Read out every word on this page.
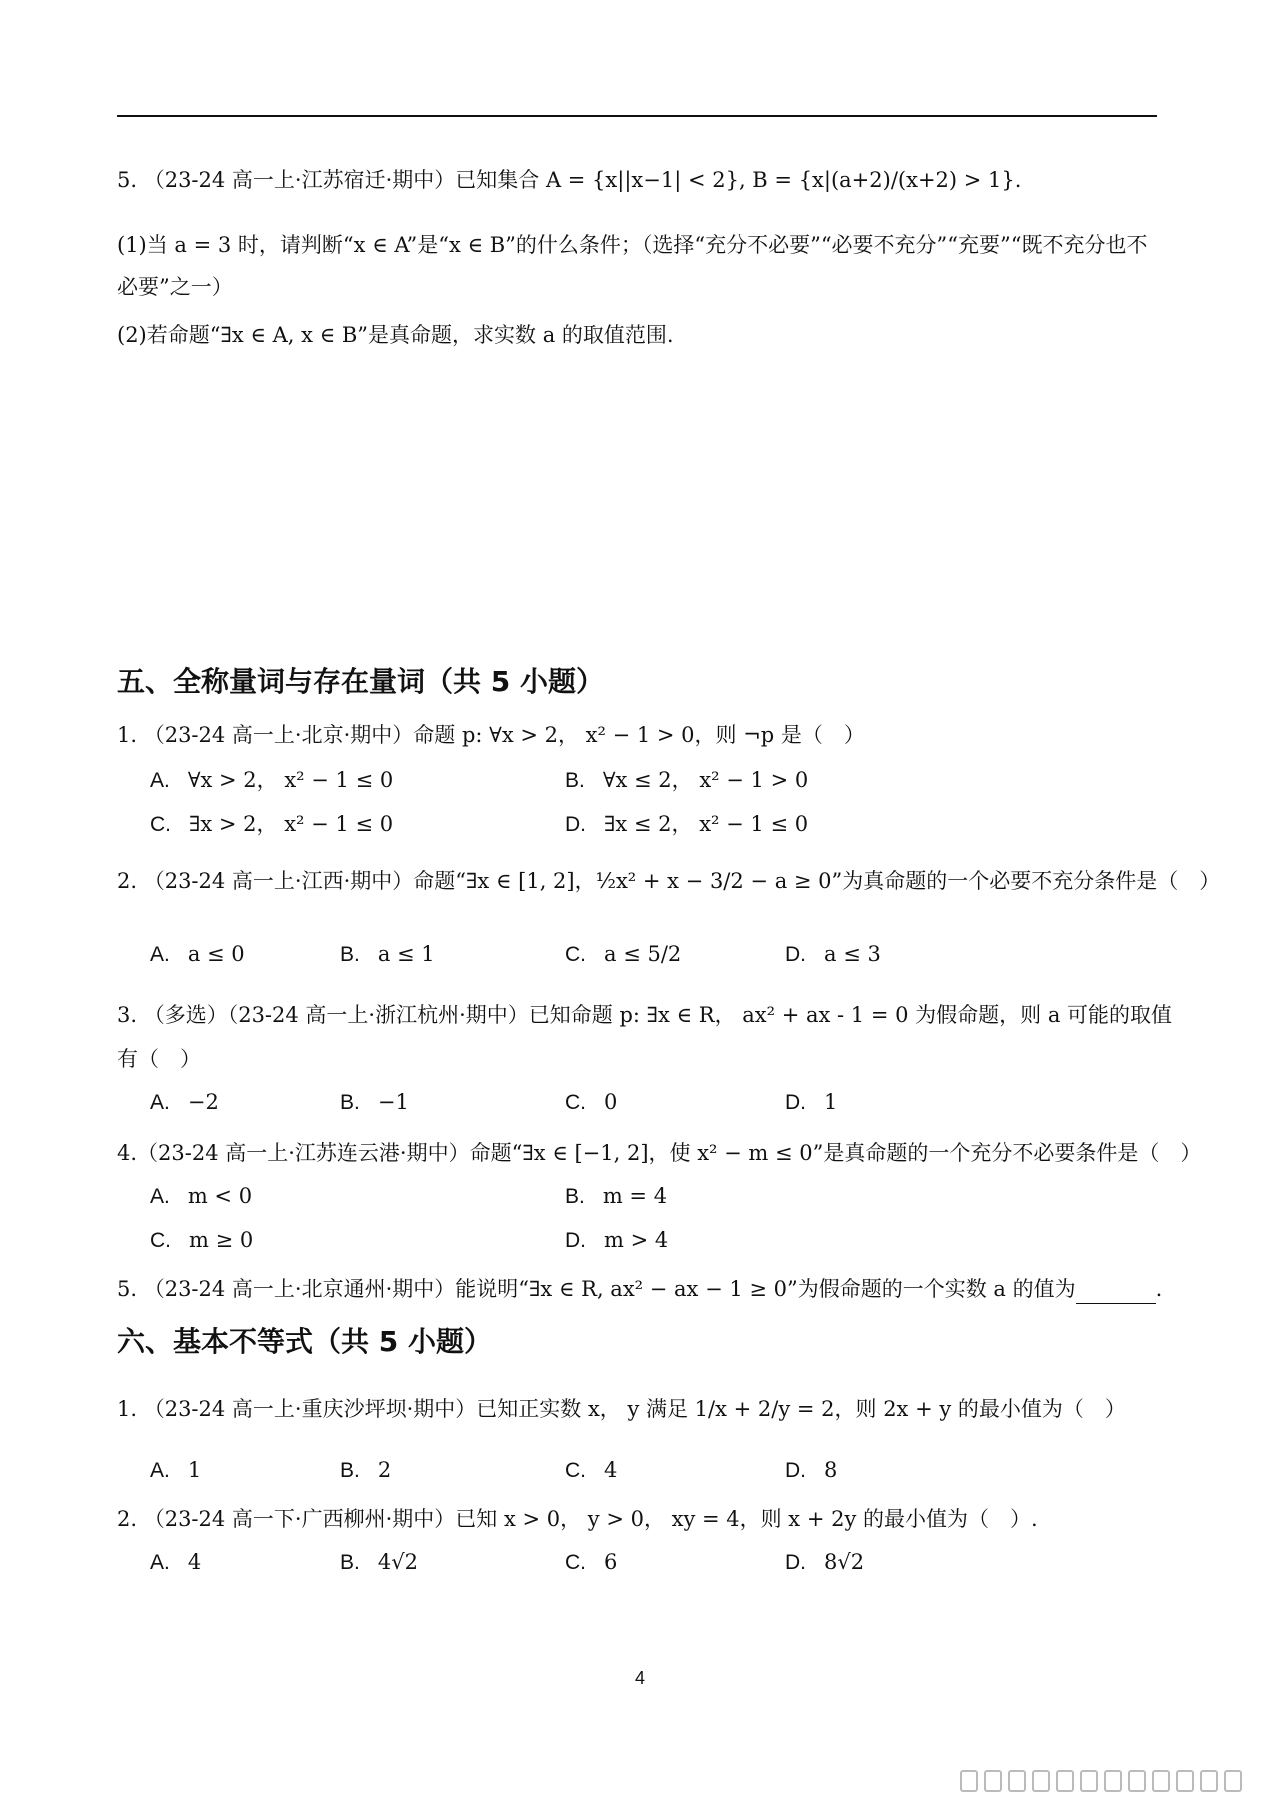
5. （23-24 高一上·江苏宿迁·期中）已知集合 A = {x||x−1| < 2}, B = {x|(a+2)/(x+2) > 1}.
(1)当 a = 3 时，请判断“x ∈ A”是“x ∈ B”的什么条件；（选择“充分不必要”“必要不充分”“充要”“既不充分也不
必要”之一）
(2)若命题“∃x ∈ A, x ∈ B”是真命题，求实数 a 的取值范围.
五、全称量词与存在量词（共 5 小题）
1. （23-24 高一上·北京·期中）命题 p: ∀x > 2， x² − 1 > 0，则 ¬p 是（　）
A. ∀x > 2， x² − 1 ≤ 0	B. ∀x ≤ 2， x² − 1 > 0
C. ∃x > 2， x² − 1 ≤ 0	D. ∃x ≤ 2， x² − 1 ≤ 0
2. （23-24 高一上·江西·期中）命题“∃x ∈ [1, 2]，½x² + x − 3/2 − a ≥ 0”为真命题的一个必要不充分条件是（　）
A. a ≤ 0	B. a ≤ 1	C. a ≤ 5/2	D. a ≤ 3
3. （多选）（23-24 高一上·浙江杭州·期中）已知命题 p: ∃x ∈ R， ax² + ax - 1 = 0 为假命题，则 a 可能的取值
有（　）
A. −2	B. −1	C. 0	D. 1
4.（23-24 高一上·江苏连云港·期中）命题“∃x ∈ [−1, 2]，使 x² − m ≤ 0”是真命题的一个充分不必要条件是（　）
A. m < 0	B. m = 4
C. m ≥ 0	D. m > 4
5. （23-24 高一上·北京通州·期中）能说明“∃x ∈ R, ax² − ax − 1 ≥ 0”为假命题的一个实数 a 的值为	.
六、基本不等式（共 5 小题）
1. （23-24 高一上·重庆沙坪坝·期中）已知正实数 x， y 满足 1/x + 2/y = 2，则 2x + y 的最小值为（　）
A. 1	B. 2	C. 4	D. 8
2. （23-24 高一下·广西柳州·期中）已知 x > 0， y > 0， xy = 4，则 x + 2y 的最小值为（　）.
A. 4	B. 4√2	C. 6	D. 8√2
4
